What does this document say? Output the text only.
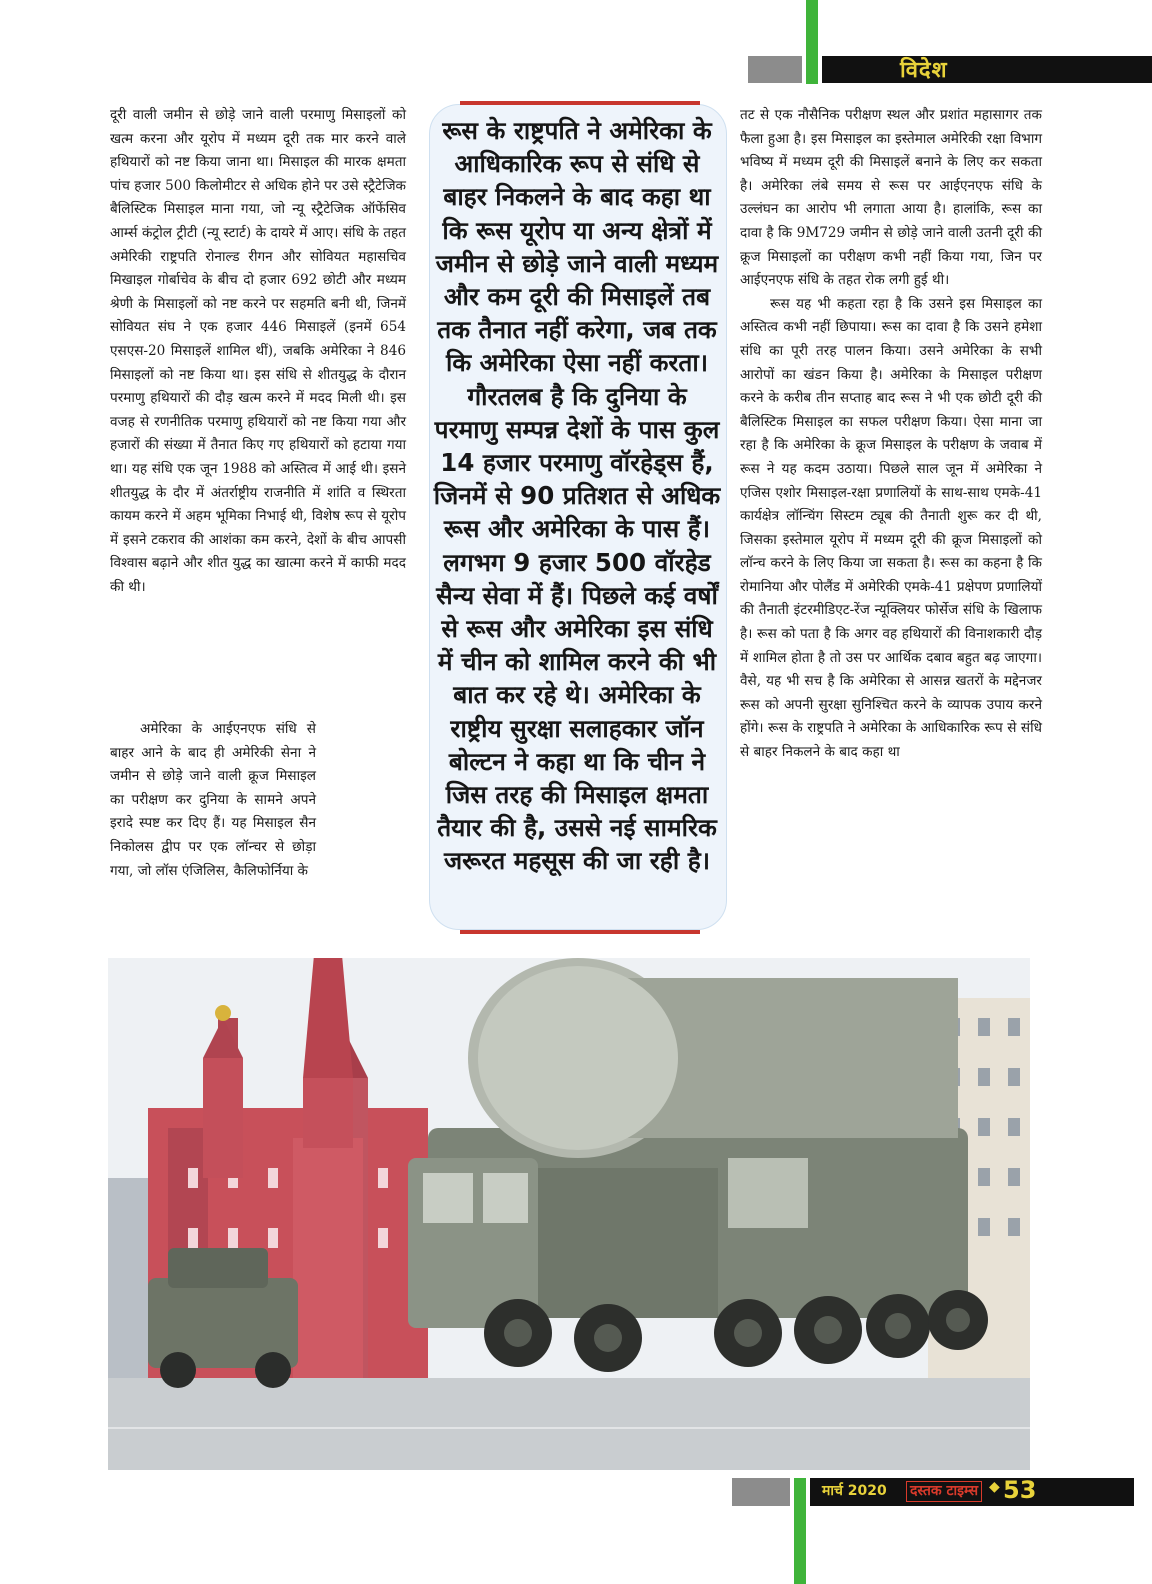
विदेश

दूरी वाली जमीन से छोड़े जाने वाली परमाणु मिसाइलों को खत्म करना और यूरोप में मध्यम दूरी तक मार करने वाले हथियारों को नष्ट किया जाना था। मिसाइल की मारक क्षमता पांच हजार 500 किलोमीटर से अधिक होने पर उसे स्ट्रैटेजिक बैलिस्टिक मिसाइल माना गया, जो न्यू स्ट्रैटेजिक ऑफेंसिव आर्म्स कंट्रोल ट्रीटी (न्यू स्टार्ट) के दायरे में आए। संधि के तहत अमेरिकी राष्ट्रपति रोनाल्ड रीगन और सोवियत महासचिव मिखाइल गोर्बाचेव के बीच दो हजार 692 छोटी और मध्यम श्रेणी के मिसाइलों को नष्ट करने पर सहमति बनी थी, जिनमें सोवियत संघ ने एक हजार 446 मिसाइलें (इनमें 654 एसएस-20 मिसाइलें शामिल थीं), जबकि अमेरिका ने 846 मिसाइलों को नष्ट किया था। इस संधि से शीतयुद्ध के दौरान परमाणु हथियारों की दौड़ खत्म करने में मदद मिली थी। इस वजह से रणनीतिक परमाणु हथियारों को नष्ट किया गया और हजारों की संख्या में तैनात किए गए हथियारों को हटाया गया था। यह संधि एक जून 1988 को अस्तित्व में आई थी। इसने शीतयुद्ध के दौर में अंतर्राष्ट्रीय राजनीति में शांति व स्थिरता कायम करने में अहम भूमिका निभाई थी, विशेष रूप से यूरोप में इसने टकराव की आशंका कम करने, देशों के बीच आपसी विश्वास बढ़ाने और शीत युद्ध का खात्मा करने में काफी मदद की थी।

अमेरिका के आईएनएफ संधि से बाहर आने के बाद ही अमेरिकी सेना ने जमीन से छोड़े जाने वाली क्रूज मिसाइल का परीक्षण कर दुनिया के सामने अपने इरादे स्पष्ट कर दिए हैं। यह मिसाइल सैन निकोलस द्वीप पर एक लॉन्चर से छोड़ा गया, जो लॉस एंजिलिस, कैलिफोर्निया के

रूस के राष्ट्रपति ने अमेरिका के आधिकारिक रूप से संधि से बाहर निकलने के बाद कहा था कि रूस यूरोप या अन्य क्षेत्रों में जमीन से छोड़े जाने वाली मध्यम और कम दूरी की मिसाइलें तब तक तैनात नहीं करेगा, जब तक कि अमेरिका ऐसा नहीं करता। गौरतलब है कि दुनिया के परमाणु सम्पन्न देशों के पास कुल 14 हजार परमाणु वॉरहेड्स हैं, जिनमें से 90 प्रतिशत से अधिक रूस और अमेरिका के पास हैं। लगभग 9 हजार 500 वॉरहेड सैन्य सेवा में हैं। पिछले कई वर्षों से रूस और अमेरिका इस संधि में चीन को शामिल करने की भी बात कर रहे थे। अमेरिका के राष्ट्रीय सुरक्षा सलाहकार जॉन बोल्टन ने कहा था कि चीन ने जिस तरह की मिसाइल क्षमता तैयार की है, उससे नई सामरिक जरूरत महसूस की जा रही है।

तट से एक नौसैनिक परीक्षण स्थल और प्रशांत महासागर तक फैला हुआ है। इस मिसाइल का इस्तेमाल अमेरिकी रक्षा विभाग भविष्य में मध्यम दूरी की मिसाइलें बनाने के लिए कर सकता है। अमेरिका लंबे समय से रूस पर आईएनएफ संधि के उल्लंघन का आरोप भी लगाता आया है। हालांकि, रूस का दावा है कि 9M729 जमीन से छोड़े जाने वाली उतनी दूरी की क्रूज मिसाइलों का परीक्षण कभी नहीं किया गया, जिन पर आईएनएफ संधि के तहत रोक लगी हुई थी।

रूस यह भी कहता रहा है कि उसने इस मिसाइल का अस्तित्व कभी नहीं छिपाया। रूस का दावा है कि उसने हमेशा संधि का पूरी तरह पालन किया। उसने अमेरिका के सभी आरोपों का खंडन किया है। अमेरिका के मिसाइल परीक्षण करने के करीब तीन सप्ताह बाद रूस ने भी एक छोटी दूरी की बैलिस्टिक मिसाइल का सफल परीक्षण किया। ऐसा माना जा रहा है कि अमेरिका के क्रूज मिसाइल के परीक्षण के जवाब में रूस ने यह कदम उठाया। पिछले साल जून में अमेरिका ने एजिस एशोर मिसाइल-रक्षा प्रणालियों के साथ-साथ एमके-41 कार्यक्षेत्र लॉन्चिंग सिस्टम ट्यूब की तैनाती शुरू कर दी थी, जिसका इस्तेमाल यूरोप में मध्यम दूरी की क्रूज मिसाइलों को लॉन्च करने के लिए किया जा सकता है। रूस का कहना है कि रोमानिया और पोलैंड में अमेरिकी एमके-41 प्रक्षेपण प्रणालियों की तैनाती इंटरमीडिएट-रेंज न्यूक्लियर फोर्सेज संधि के खिलाफ है। रूस को पता है कि अगर वह हथियारों की विनाशकारी दौड़ में शामिल होता है तो उस पर आर्थिक दबाव बहुत बढ़ जाएगा। वैसे, यह भी सच है कि अमेरिका से आसन्न खतरों के मद्देनजर रूस को अपनी सुरक्षा सुनिश्चित करने के व्यापक उपाय करने होंगे। रूस के राष्ट्रपति ने अमेरिका के आधिकारिक रूप से संधि से बाहर निकलने के बाद कहा था

मार्च 2020 दस्तक टाइम्स ◆ 53
